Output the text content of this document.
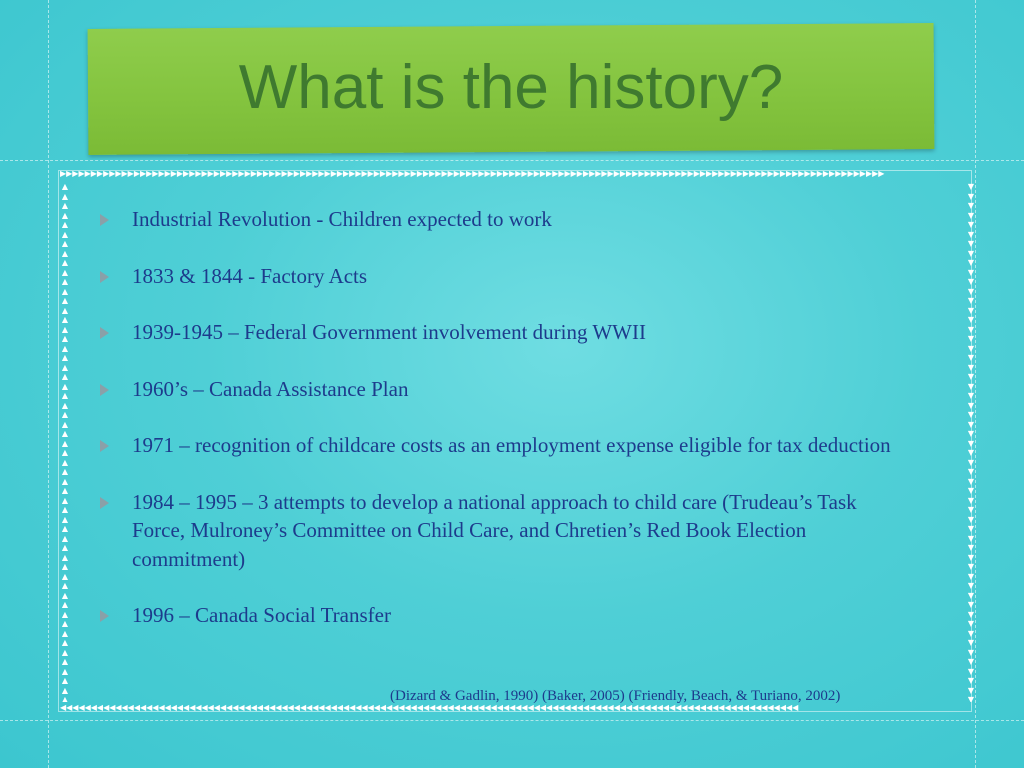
What is the history?
▶▶▶▶▶▶▶▶▶▶▶▶▶▶▶▶▶▶▶▶▶▶▶▶▶▶▶▶▶▶▶▶▶▶▶▶▶▶▶▶▶▶▶▶▶▶▶▶▶▶▶▶▶▶▶▶▶▶▶▶▶▶▶▶▶▶▶▶▶▶▶▶▶▶▶▶▶▶▶▶▶▶▶▶▶▶▶▶▶▶▶▶▶▶▶▶▶▶▶▶▶▶▶▶▶▶▶▶▶▶▶▶▶▶▶▶▶▶▶▶▶▶▶▶▶▶▶▶▶▶▶▶▶▶
◀◀◀◀◀◀◀◀◀◀◀◀◀◀◀◀◀◀◀◀◀◀◀◀◀◀◀◀◀◀◀◀◀◀◀◀◀◀◀◀◀◀◀◀◀◀◀◀◀◀◀◀◀◀◀◀◀◀◀◀◀◀◀◀◀◀◀◀◀◀◀◀◀◀◀◀◀◀◀◀◀◀◀◀◀◀◀◀◀◀◀◀◀◀◀◀◀◀◀◀◀◀◀◀◀◀◀◀◀◀◀◀◀◀◀◀◀◀◀◀
▲▲▲▲▲▲▲▲▲▲▲▲▲▲▲▲▲▲▲▲▲▲▲▲▲▲▲▲▲▲▲▲▲▲▲▲▲▲▲▲▲▲▲▲▲▲▲▲▲▲▲▲▲▲▲
▼▼▼▼▼▼▼▼▼▼▼▼▼▼▼▼▼▼▼▼▼▼▼▼▼▼▼▼▼▼▼▼▼▼▼▼▼▼▼▼▼▼▼▼▼▼▼▼▼▼▼▼▼▼▼
Industrial Revolution - Children expected to work
1833 & 1844 - Factory Acts
1939-1945 – Federal Government involvement during WWII
1960’s – Canada Assistance Plan
1971 – recognition of childcare costs as an employment expense eligible for tax deduction
1984 – 1995 – 3 attempts to develop a national approach to child care (Trudeau’s Task Force, Mulroney’s Committee on Child Care, and Chretien’s Red Book Election commitment)
1996 – Canada Social Transfer
(Dizard & Gadlin, 1990) (Baker, 2005) (Friendly, Beach, & Turiano, 2002)
